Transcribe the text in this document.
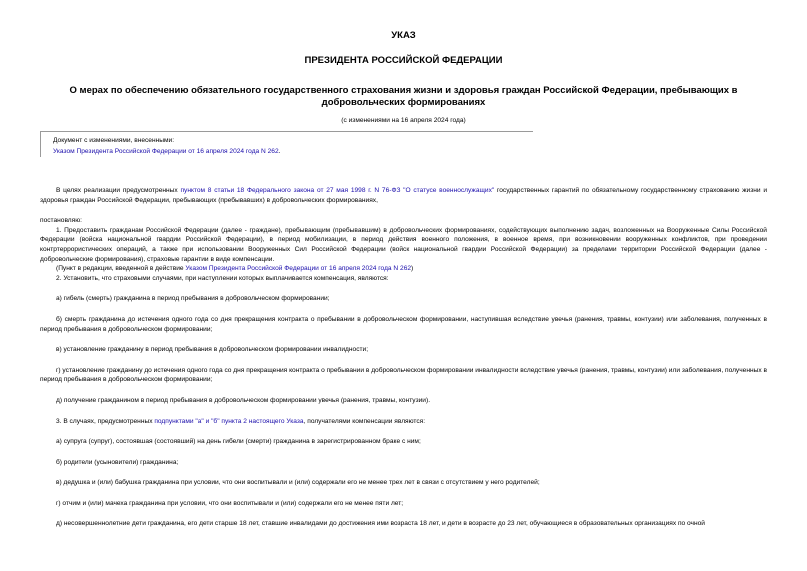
УКАЗ
ПРЕЗИДЕНТА РОССИЙСКОЙ ФЕДЕРАЦИИ
О мерах по обеспечению обязательного государственного страхования жизни и здоровья граждан Российской Федерации, пребывающих в добровольческих формированиях
(с изменениями на 16 апреля 2024 года)
Документ с изменениями, внесенными:
Указом Президента Российской Федерации от 16 апреля 2024 года N 262.

В целях реализации предусмотренных пунктом 8 статьи 18 Федерального закона от 27 мая 1998 г. N 76-ФЗ "О статусе военнослужащих" государственных гарантий по обязательному государственному страхованию жизни и здоровья граждан Российской Федерации, пребывающих (пребывавших) в добровольческих формированиях,

постановляю:

1. Предоставить гражданам Российской Федерации (далее - граждане), пребывающим (пребывавшим) в добровольческих формированиях, содействующих выполнению задач, возложенных на Вооруженные Силы Российской Федерации (войска национальной гвардии Российской Федерации), в период мобилизации, в период действия военного положения, в военное время, при возникновении вооруженных конфликтов, при проведении контртеррористических операций, а также при использовании Вооруженных Сил Российской Федерации (войск национальной гвардии Российской Федерации) за пределами территории Российской Федерации (далее - добровольческие формирования), страховые гарантии в виде компенсации.

(Пункт в редакции, введенной в действие Указом Президента Российской Федерации от 16 апреля 2024 года N 262)

2. Установить, что страховыми случаями, при наступлении которых выплачивается компенсация, являются:

а) гибель (смерть) гражданина в период пребывания в добровольческом формировании;

б) смерть гражданина до истечения одного года со дня прекращения контракта о пребывании в добровольческом формировании, наступившая вследствие увечья (ранения, травмы, контузии) или заболевания, полученных в период пребывания в добровольческом формировании;

в) установление гражданину в период пребывания в добровольческом формировании инвалидности;

г) установление гражданину до истечения одного года со дня прекращения контракта о пребывании в добровольческом формировании инвалидности вследствие увечья (ранения, травмы, контузии) или заболевания, полученных в период пребывания в добровольческом формировании;

д) получение гражданином в период пребывания в добровольческом формировании увечья (ранения, травмы, контузии).

3. В случаях, предусмотренных подпунктами "а" и "б" пункта 2 настоящего Указа, получателями компенсации являются:

а) супруга (супруг), состоявшая (состоявший) на день гибели (смерти) гражданина в зарегистрированном браке с ним;

б) родители (усыновители) гражданина;

в) дедушка и (или) бабушка гражданина при условии, что они воспитывали и (или) содержали его не менее трех лет в связи с отсутствием у него родителей;

г) отчим и (или) мачеха гражданина при условии, что они воспитывали и (или) содержали его не менее пяти лет;

д) несовершеннолетние дети гражданина, его дети старше 18 лет, ставшие инвалидами до достижения ими возраста 18 лет, и дети в возрасте до 23 лет, обучающиеся в образовательных организациях по очной
